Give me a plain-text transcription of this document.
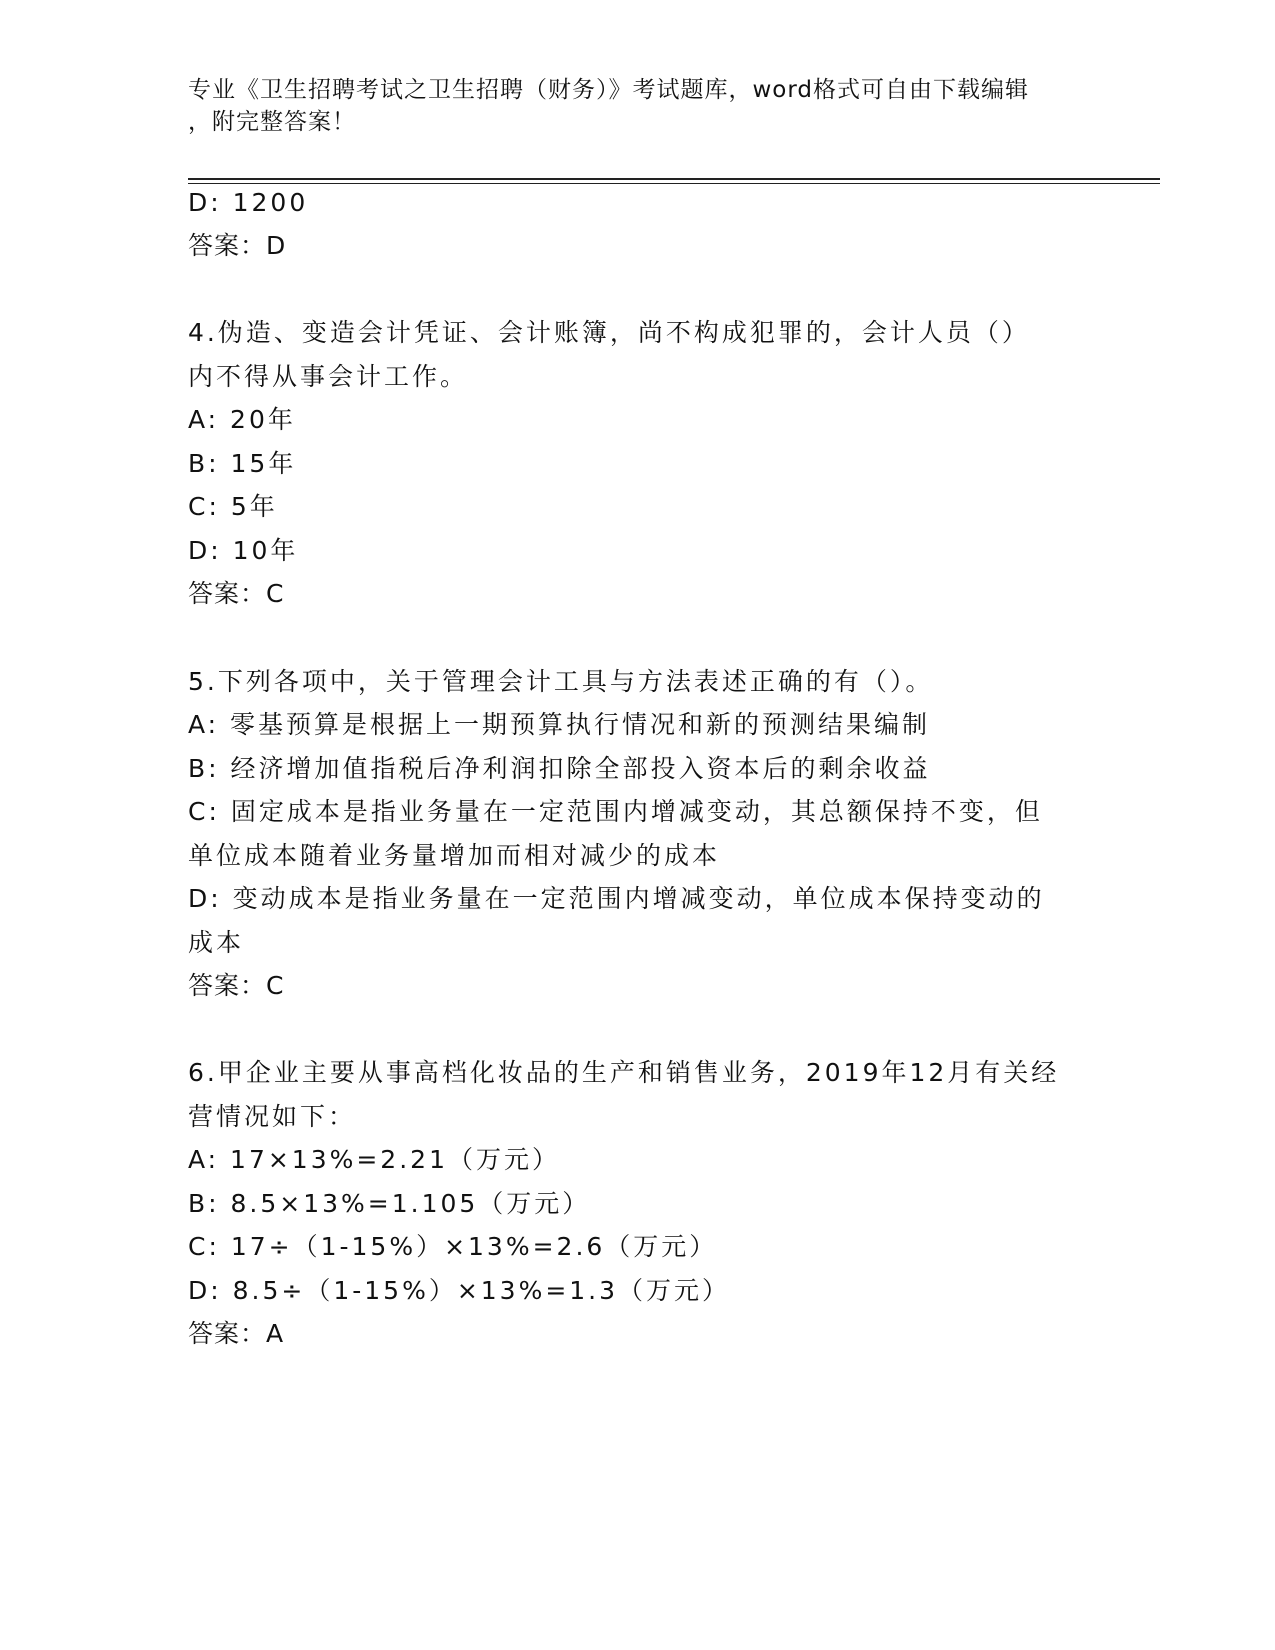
专业《卫生招聘考试之卫生招聘（财务）》考试题库，word格式可自由下载编辑
，附完整答案！
D: 1200
答案：D
4.伪造、变造会计凭证、会计账簿，尚不构成犯罪的，会计人员（）
内不得从事会计工作。
A: 20年
B: 15年
C: 5年
D: 10年
答案：C
5.下列各项中，关于管理会计工具与方法表述正确的有（）。
A: 零基预算是根据上一期预算执行情况和新的预测结果编制
B: 经济增加值指税后净利润扣除全部投入资本后的剩余收益
C: 固定成本是指业务量在一定范围内增减变动，其总额保持不变，但
单位成本随着业务量增加而相对减少的成本
D: 变动成本是指业务量在一定范围内增减变动，单位成本保持变动的
成本
答案：C
6.甲企业主要从事高档化妆品的生产和销售业务，2019年12月有关经
营情况如下：
A: 17×13%=2.21（万元）
B: 8.5×13%=1.105（万元）
C: 17÷（1-15%）×13%=2.6（万元）
D: 8.5÷（1-15%）×13%=1.3（万元）
答案：A
